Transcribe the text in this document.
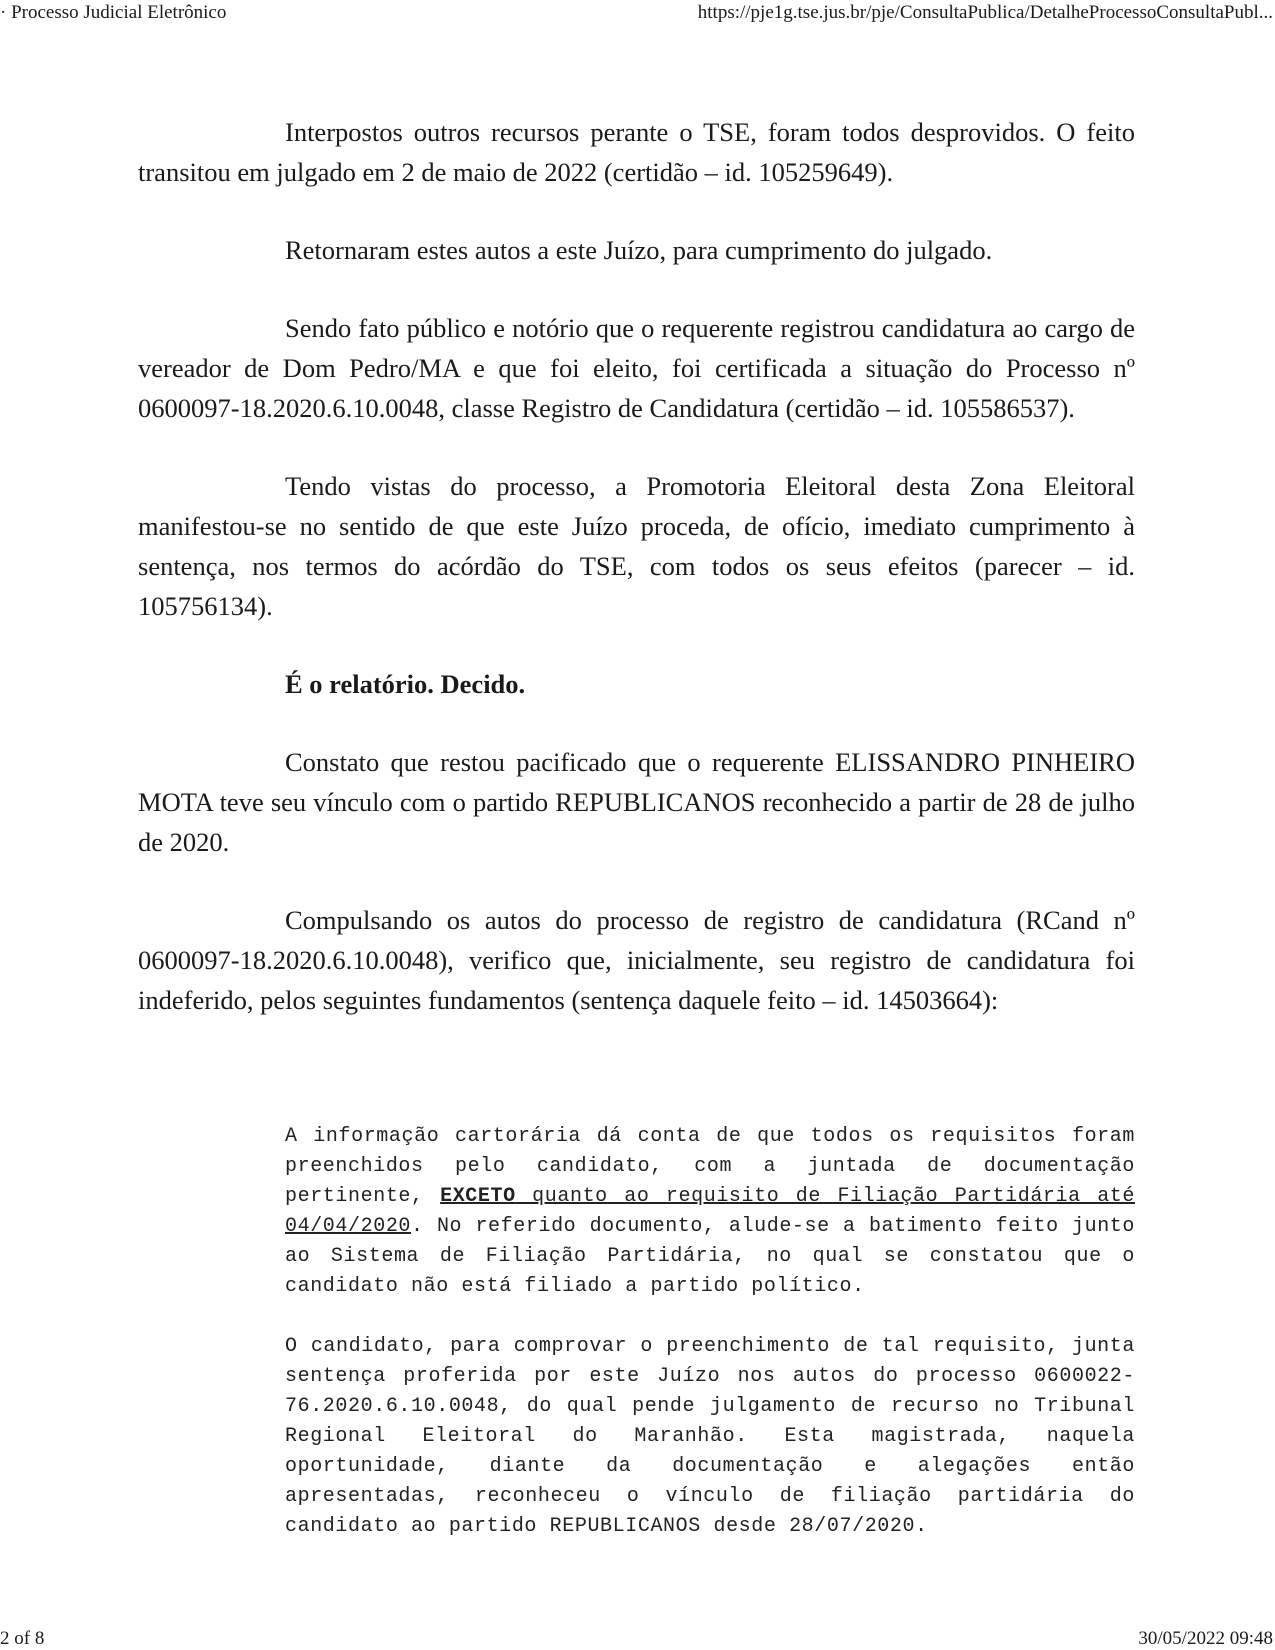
· Processo Judicial Eletrônico	https://pje1g.tse.jus.br/pje/ConsultaPublica/DetalheProcessoConsultaPubl...

Interpostos outros recursos perante o TSE, foram todos desprovidos. O feito transitou em julgado em 2 de maio de 2022 (certidão – id. 105259649).

Retornaram estes autos a este Juízo, para cumprimento do julgado.

Sendo fato público e notório que o requerente registrou candidatura ao cargo de vereador de Dom Pedro/MA e que foi eleito, foi certificada a situação do Processo nº 0600097-18.2020.6.10.0048, classe Registro de Candidatura (certidão – id. 105586537).

Tendo vistas do processo, a Promotoria Eleitoral desta Zona Eleitoral manifestou-se no sentido de que este Juízo proceda, de ofício, imediato cumprimento à sentença, nos termos do acórdão do TSE, com todos os seus efeitos (parecer – id. 105756134).

É o relatório. Decido.

Constato que restou pacificado que o requerente ELISSANDRO PINHEIRO MOTA teve seu vínculo com o partido REPUBLICANOS reconhecido a partir de 28 de julho de 2020.

Compulsando os autos do processo de registro de candidatura (RCand nº 0600097-18.2020.6.10.0048), verifico que, inicialmente, seu registro de candidatura foi indeferido, pelos seguintes fundamentos (sentença daquele feito – id. 14503664):

A informação cartorária dá conta de que todos os requisitos foram preenchidos pelo candidato, com a juntada de documentação pertinente, EXCETO quanto ao requisito de Filiação Partidária até 04/04/2020. No referido documento, alude-se a batimento feito junto ao Sistema de Filiação Partidária, no qual se constatou que o candidato não está filiado a partido político.

O candidato, para comprovar o preenchimento de tal requisito, junta sentença proferida por este Juízo nos autos do processo 0600022-76.2020.6.10.0048, do qual pende julgamento de recurso no Tribunal Regional Eleitoral do Maranhão. Esta magistrada, naquela oportunidade, diante da documentação e alegações então apresentadas, reconheceu o vínculo de filiação partidária do candidato ao partido REPUBLICANOS desde 28/07/2020.

2 of 8	30/05/2022 09:48
